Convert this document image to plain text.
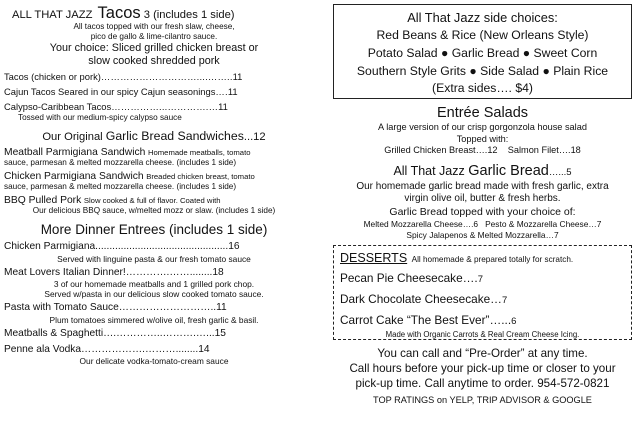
ALL THAT JAZZ Tacos 3 (includes 1 side)
All tacos topped with our fresh slaw, cheese,
pico de gallo & lime-cilantro sauce.
Your choice: Sliced grilled chicken breast or
slow cooked shredded pork
Tacos (chicken or pork)…………………………....……..11
Cajun Tacos Seared in our spicy Cajun seasonings….11
Calypso-Caribbean Tacos……………...………….…11
Tossed with our medium-spicy calypso sauce
Our Original Garlic Bread Sandwiches...12
Meatball Parmigiana Sandwich Homemade meatballs, tomato
sauce, parmesan & melted mozzarella cheese. (includes 1 side)
Chicken Parmigiana Sandwich Breaded chicken breast, tomato
sauce, parmesan & melted mozzarella cheese. (includes 1 side)
BBQ Pulled Pork Slow cooked & full of flavor. Coated with
Our delicious BBQ sauce, w/melted mozz or slaw. (includes 1 side)
More Dinner Entrees (includes 1 side)
Chicken Parmigiana...............................................16
Served with linguine pasta & our fresh tomato sauce
Meat Lovers Italian Dinner!………….……........18
3 of our homemade meatballs and 1 grilled pork chop.
Served w/pasta in our delicious slow cooked tomato sauce.
Pasta with Tomato Sauce………………………..11
Plum tomatoes simmered w/olive oil, fresh garlic & basil.
Meatballs & Spaghetti….…………..……….…...15
Penne ala Vodka……………….………........14
Our delicate vodka-tomato-cream sauce
All That Jazz side choices:
Red Beans & Rice (New Orleans Style)
Potato Salad ● Garlic Bread ● Sweet Corn
Southern Style Grits ● Side Salad ● Plain Rice
(Extra sides…. $4)
Entrée Salads
A large version of our crisp gorgonzola house salad
Topped with:
Grilled Chicken Breast….12 Salmon Filet….18
All That Jazz Garlic Bread…...5
Our homemade garlic bread made with fresh garlic, extra
virgin olive oil, butter & fresh herbs.
Garlic Bread topped with your choice of:
Melted Mozzarella Cheese….6 Pesto & Mozzarella Cheese…7
Spicy Jalapenos & Melted Mozzarella…7
DESSERTS All homemade & prepared totally for scratch.
Pecan Pie Cheesecake….7
Dark Chocolate Cheesecake…7
Carrot Cake “The Best Ever”…...6
Made with Organic Carrots & Real Cream Cheese Icing.
You can call and “Pre-Order” at any time.
Call hours before your pick-up time or closer to your
pick-up time. Call anytime to order. 954-572-0821
TOP RATINGS on YELP, TRIP ADVISOR & GOOGLE
